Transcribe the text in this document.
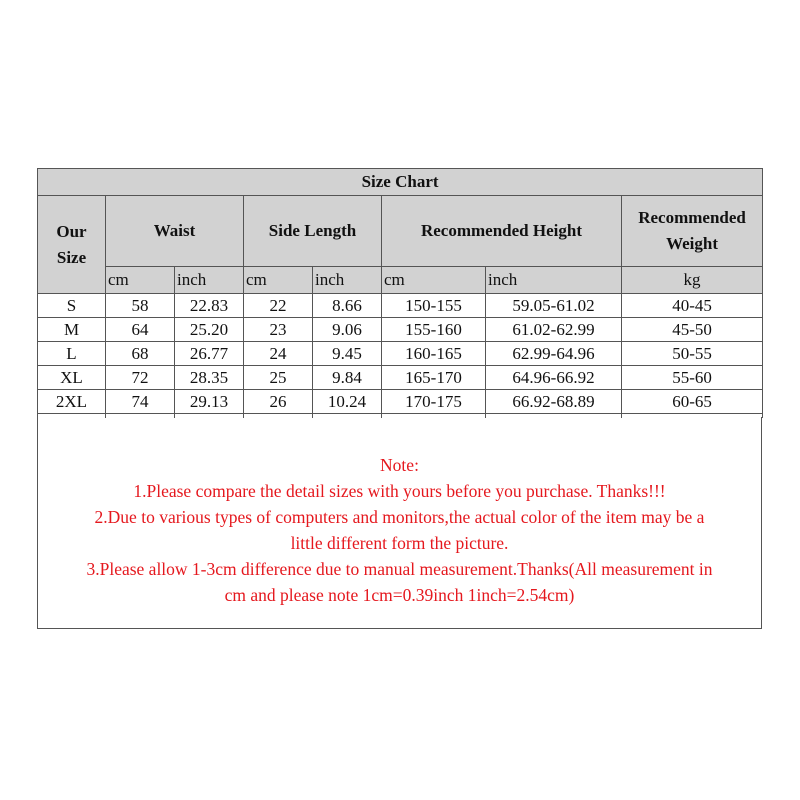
Size Chart							
Our
Size	Waist		Side Length		Recommended Height		Recommended
Weight
	cm	inch	cm	inch	cm	inch	kg
S	58	22.83	22	8.66	150-155	59.05-61.02	40-45
M	64	25.20	23	9.06	155-160	61.02-62.99	45-50
L	68	26.77	24	9.45	160-165	62.99-64.96	50-55
XL	72	28.35	25	9.84	165-170	64.96-66.92	55-60
2XL	74	29.13	26	10.24	170-175	66.92-68.89	60-65

Note:
1.Please compare the detail sizes with yours before you purchase. Thanks!!!
2.Due to various types of computers and monitors,the actual color of the item may be a
little different form the picture.
3.Please allow 1-3cm difference due to manual measurement.Thanks(All measurement in
cm and please note 1cm=0.39inch 1inch=2.54cm)
